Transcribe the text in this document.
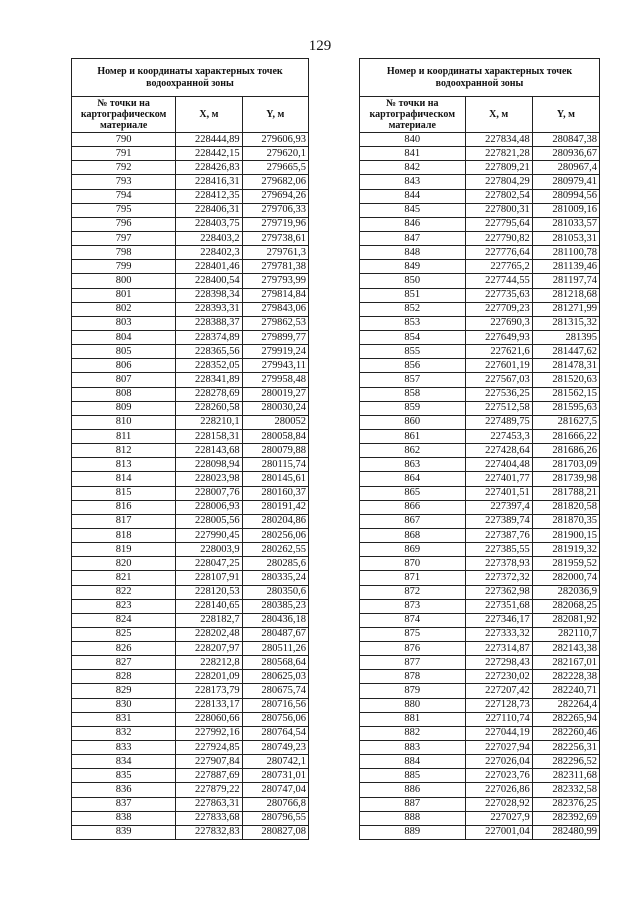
129
Номер и координаты характерных точек водоохранной зоны		
№ точки на картографическом материале	X, м	Y, м
790	228444,89	279606,93
791	228442,15	279620,1
792	228426,83	279665,5
793	228416,31	279682,06
794	228412,35	279694,26
795	228406,31	279706,33
796	228403,75	279719,96
797	228403,2	279738,61
798	228402,3	279761,3
799	228401,46	279781,38
800	228400,54	279793,99
801	228398,34	279814,84
802	228393,31	279843,06
803	228388,37	279862,53
804	228374,89	279899,77
805	228365,56	279919,24
806	228352,05	279943,11
807	228341,89	279958,48
808	228278,69	280019,27
809	228260,58	280030,24
810	228210,1	280052
811	228158,31	280058,84
812	228143,68	280079,88
813	228098,94	280115,74
814	228023,98	280145,61
815	228007,76	280160,37
816	228006,93	280191,42
817	228005,56	280204,86
818	227990,45	280256,06
819	228003,9	280262,55
820	228047,25	280285,6
821	228107,91	280335,24
822	228120,53	280350,6
823	228140,65	280385,23
824	228182,7	280436,18
825	228202,48	280487,67
826	228207,97	280511,26
827	228212,8	280568,64
828	228201,09	280625,03
829	228173,79	280675,74
830	228133,17	280716,56
831	228060,66	280756,06
832	227992,16	280764,54
833	227924,85	280749,23
834	227907,84	280742,1
835	227887,69	280731,01
836	227879,22	280747,04
837	227863,31	280766,8
838	227833,68	280796,55
839	227832,83	280827,08
Номер и координаты характерных точек водоохранной зоны		
№ точки на картографическом материале	X, м	Y, м
840	227834,48	280847,38
841	227821,28	280936,67
842	227809,21	280967,4
843	227804,29	280979,41
844	227802,54	280994,56
845	227800,31	281009,16
846	227795,64	281033,57
847	227790,82	281053,31
848	227776,64	281100,78
849	227765,2	281139,46
850	227744,55	281197,74
851	227735,63	281218,68
852	227709,23	281271,99
853	227690,3	281315,32
854	227649,93	281395
855	227621,6	281447,62
856	227601,19	281478,31
857	227567,03	281520,63
858	227536,25	281562,15
859	227512,58	281595,63
860	227489,75	281627,5
861	227453,3	281666,22
862	227428,64	281686,26
863	227404,48	281703,09
864	227401,77	281739,98
865	227401,51	281788,21
866	227397,4	281820,58
867	227389,74	281870,35
868	227387,76	281900,15
869	227385,55	281919,32
870	227378,93	281959,52
871	227372,32	282000,74
872	227362,98	282036,9
873	227351,68	282068,25
874	227346,17	282081,92
875	227333,32	282110,7
876	227314,87	282143,38
877	227298,43	282167,01
878	227230,02	282228,38
879	227207,42	282240,71
880	227128,73	282264,4
881	227110,74	282265,94
882	227044,19	282260,46
883	227027,94	282256,31
884	227026,04	282296,52
885	227023,76	282311,68
886	227026,86	282332,58
887	227028,92	282376,25
888	227027,9	282392,69
889	227001,04	282480,99
